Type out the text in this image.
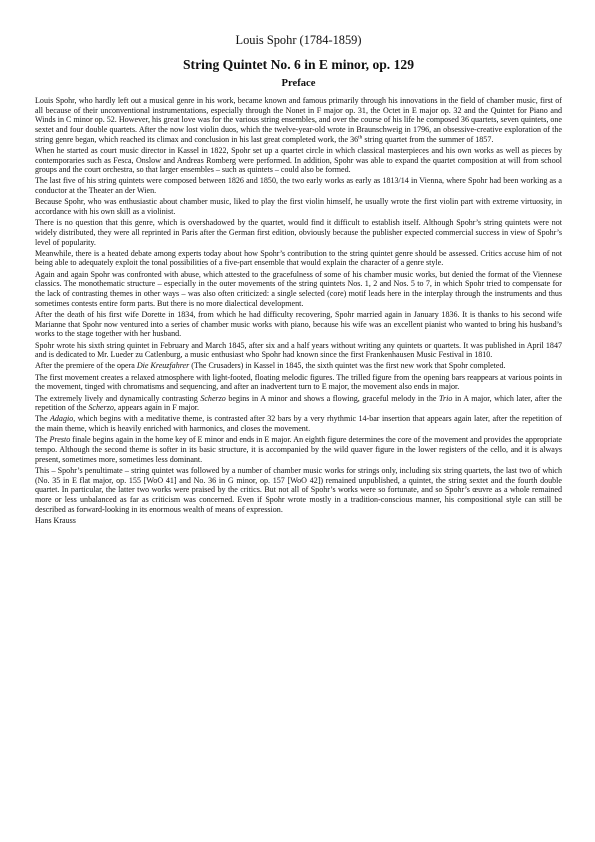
Louis Spohr (1784-1859)
String Quintet No. 6 in E minor, op. 129
Preface

Louis Spohr, who hardly left out a musical genre in his work, became known and famous primarily through his innovations in the field of chamber music, first of all because of their unconventional instrumentations, especially through the Nonet in F major op. 31, the Octet in E major op. 32 and the Quintet for Piano and Winds in C minor op. 52. However, his great love was for the various string ensembles, and over the course of his life he composed 36 quartets, seven quintets, one sextet and four double quartets. After the now lost violin duos, which the twelve-year-old wrote in Braunschweig in 1796, an obsessive-creative exploration of the string genre began, which reached its climax and conclusion in his last great completed work, the 36th string quartet from the summer of 1857.

When he started as court music director in Kassel in 1822, Spohr set up a quartet circle in which classical masterpieces and his own works as well as pieces by contemporaries such as Fesca, Onslow and Andreas Romberg were performed. In addition, Spohr was able to expand the quartet composition at will from school groups and the court orchestra, so that larger ensembles – such as quintets – could also be formed.

The last five of his string quintets were composed between 1826 and 1850, the two early works as early as 1813/14 in Vienna, where Spohr had been working as a conductor at the Theater an der Wien.

Because Spohr, who was enthusiastic about chamber music, liked to play the first violin himself, he usually wrote the first violin part with extreme virtuosity, in accordance with his own skill as a violinist.

There is no question that this genre, which is overshadowed by the quartet, would find it difficult to establish itself. Although Spohr’s string quintets were not widely distributed, they were all reprinted in Paris after the German first edition, obviously because the publisher expected commercial success in view of Spohr’s level of popularity.

Meanwhile, there is a heated debate among experts today about how Spohr’s contribution to the string quintet genre should be assessed. Critics accuse him of not being able to adequately exploit the tonal possibilities of a five-part ensemble that would explain the character of a genre style.

Again and again Spohr was confronted with abuse, which attested to the gracefulness of some of his chamber music works, but denied the format of the Viennese classics. The monothematic structure – especially in the outer movements of the string quintets Nos. 1, 2 and Nos. 5 to 7, in which Spohr tried to compensate for the lack of contrasting themes in other ways – was also often criticized: a single selected (core) motif leads here in the interplay through the instruments and thus sometimes contests entire form parts. But there is no more dialectical development.

After the death of his first wife Dorette in 1834, from which he had difficulty recovering, Spohr married again in January 1836. It is thanks to his second wife Marianne that Spohr now ventured into a series of chamber music works with piano, because his wife was an excellent pianist who wanted to bring his husband’s works to the stage together with her husband.

Spohr wrote his sixth string quintet in February and March 1845, after six and a half years without writing any quintets or quartets. It was published in April 1847 and is dedicated to Mr. Lueder zu Catlenburg, a music enthusiast who Spohr had known since the first Frankenhausen Music Festival in 1810.

After the premiere of the opera Die Kreuzfahrer (The Crusaders) in Kassel in 1845, the sixth quintet was the first new work that Spohr completed.

The first movement creates a relaxed atmosphere with light-footed, floating melodic figures. The trilled figure from the opening bars reappears at various points in the movement, tinged with chromatisms and sequencing, and after an inadvertent turn to E major, the movement also ends in major.

The extremely lively and dynamically contrasting Scherzo begins in A minor and shows a flowing, graceful melody in the Trio in A major, which later, after the repetition of the Scherzo, appears again in F major.

The Adagio, which begins with a meditative theme, is contrasted after 32 bars by a very rhythmic 14-bar insertion that appears again later, after the repetition of the main theme, which is heavily enriched with harmonics, and closes the movement.

The Presto finale begins again in the home key of E minor and ends in E major. An eighth figure determines the core of the movement and provides the appropriate tempo. Although the second theme is softer in its basic structure, it is accompanied by the wild quaver figure in the lower registers of the cello, and it is always present, sometimes more, sometimes less dominant.

This – Spohr’s penultimate – string quintet was followed by a number of chamber music works for strings only, including six string quartets, the last two of which (No. 35 in E flat major, op. 155 [WoO 41] and No. 36 in G minor, op. 157 [WoO 42]) remained unpublished, a quintet, the string sextet and the fourth double quartet. In particular, the latter two works were praised by the critics. But not all of Spohr’s works were so fortunate, and so Spohr’s œuvre as a whole remained more or less unbalanced as far as criticism was concerned. Even if Spohr wrote mostly in a tradition-conscious manner, his compositional style can still be described as forward-looking in its enormous wealth of means of expression.

Hans Krauss
